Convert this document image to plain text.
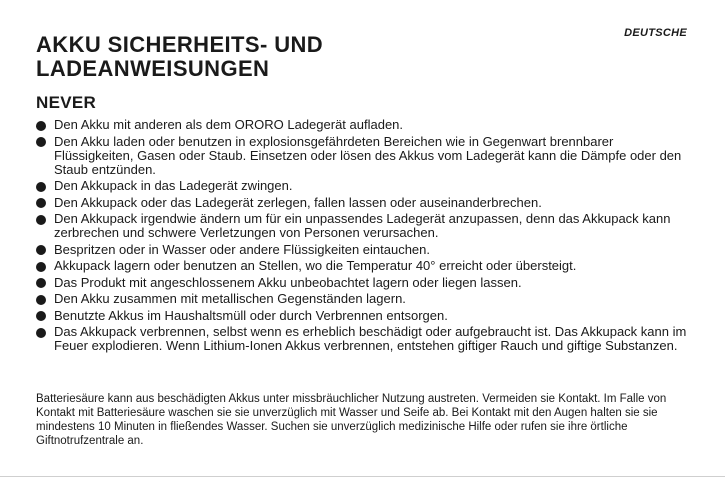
DEUTSCHE
AKKU SICHERHEITS- UND
LADEANWEISUNGEN
NEVER
Den Akku mit anderen als dem ORORO Ladegerät aufladen.
Den Akku laden oder benutzen in explosionsgefährdeten Bereichen wie in Gegenwart brennbarer Flüssigkeiten, Gasen oder Staub. Einsetzen oder lösen des Akkus vom Ladegerät kann die Dämpfe oder den Staub entzünden.
Den Akkupack in das Ladegerät zwingen.
Den Akkupack oder das Ladegerät zerlegen, fallen lassen oder auseinanderbrechen.
Den Akkupack irgendwie ändern um für ein unpassendes Ladegerät anzupassen, denn das Akkupack kann zerbrechen und schwere Verletzungen von Personen verursachen.
Bespritzen oder in Wasser oder andere Flüssigkeiten eintauchen.
Akkupack lagern oder benutzen an Stellen, wo die Temperatur 40° erreicht oder übersteigt.
Das Produkt mit angeschlossenem Akku unbeobachtet lagern oder liegen lassen.
Den Akku zusammen mit metallischen Gegenständen lagern.
Benutzte Akkus im Haushaltsmüll oder durch Verbrennen entsorgen.
Das Akkupack verbrennen, selbst wenn es erheblich beschädigt oder aufgebraucht ist. Das Akkupack kann im Feuer explodieren. Wenn Lithium-Ionen Akkus verbrennen, entstehen giftiger Rauch und giftige Substanzen.

Batteriesäure kann aus beschädigten Akkus unter missbräuchlicher Nutzung austreten. Vermeiden sie Kontakt. Im Falle von Kontakt mit Batteriesäure waschen sie sie unverzüglich mit Wasser und Seife ab. Bei Kontakt mit den Augen halten sie sie mindestens 10 Minuten in fließendes Wasser. Suchen sie unverzüglich medizinische Hilfe oder rufen sie ihre örtliche Giftnotrufzentrale an.
